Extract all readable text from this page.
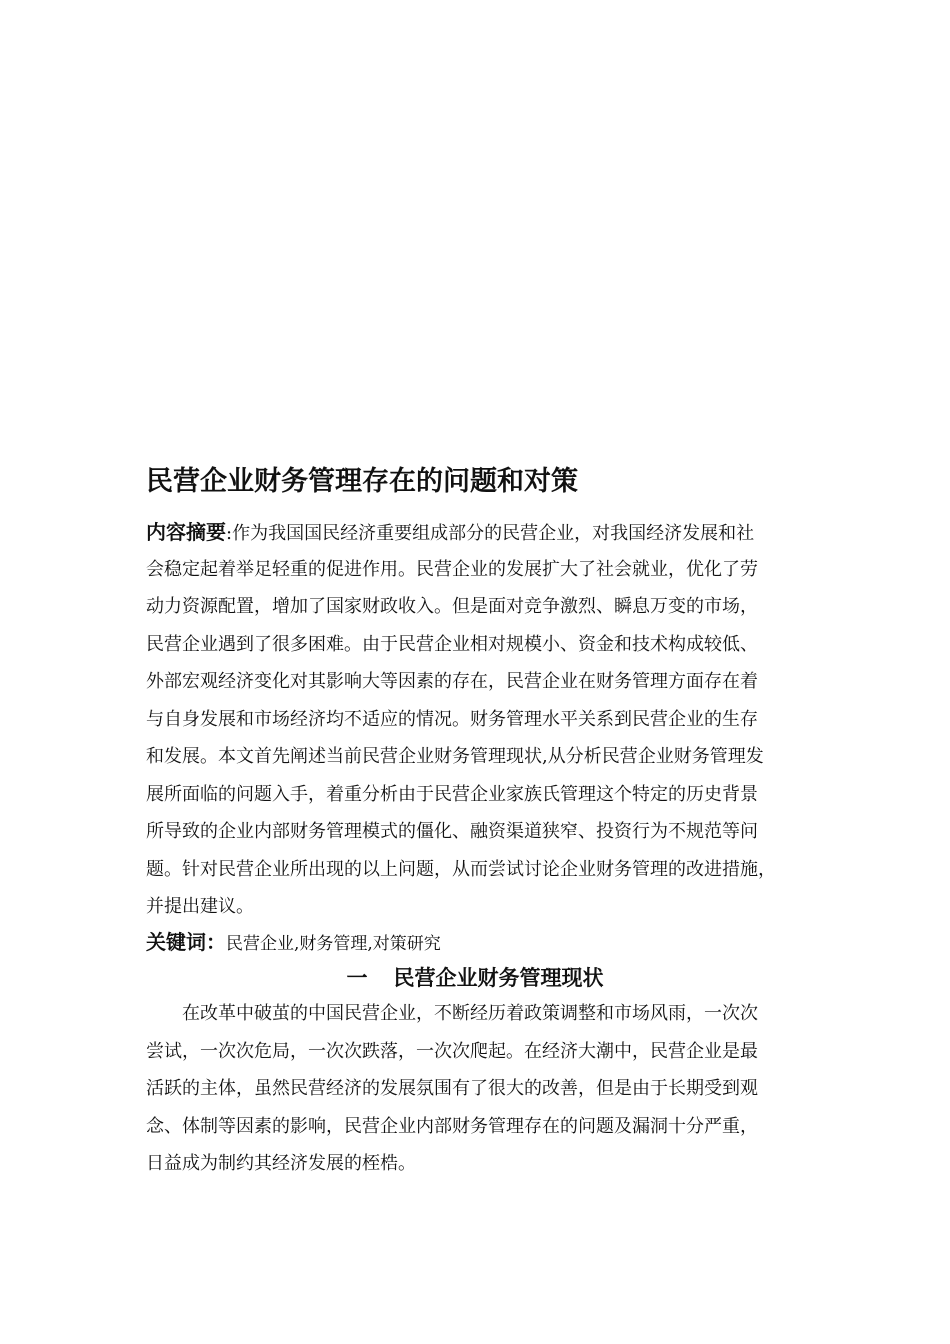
民营企业财务管理存在的问题和对策
内容摘要:作为我国国民经济重要组成部分的民营企业，对我国经济发展和社
会稳定起着举足轻重的促进作用。民营企业的发展扩大了社会就业，优化了劳
动力资源配置，增加了国家财政收入。但是面对竞争激烈、瞬息万变的市场，
民营企业遇到了很多困难。由于民营企业相对规模小、资金和技术构成较低、
外部宏观经济变化对其影响大等因素的存在，民营企业在财务管理方面存在着
与自身发展和市场经济均不适应的情况。财务管理水平关系到民营企业的生存
和发展。本文首先阐述当前民营企业财务管理现状,从分析民营企业财务管理发
展所面临的问题入手，着重分析由于民营企业家族氏管理这个特定的历史背景
所导致的企业内部财务管理模式的僵化、融资渠道狭窄、投资行为不规范等问
题。针对民营企业所出现的以上问题，从而尝试讨论企业财务管理的改进措施，
并提出建议。
关键词：民营企业,财务管理,对策研究
一 民营企业财务管理现状
在改革中破茧的中国民营企业，不断经历着政策调整和市场风雨，一次次
尝试，一次次危局，一次次跌落，一次次爬起。在经济大潮中，民营企业是最
活跃的主体，虽然民营经济的发展氛围有了很大的改善，但是由于长期受到观
念、体制等因素的影响，民营企业内部财务管理存在的问题及漏洞十分严重，
日益成为制约其经济发展的桎梏。
